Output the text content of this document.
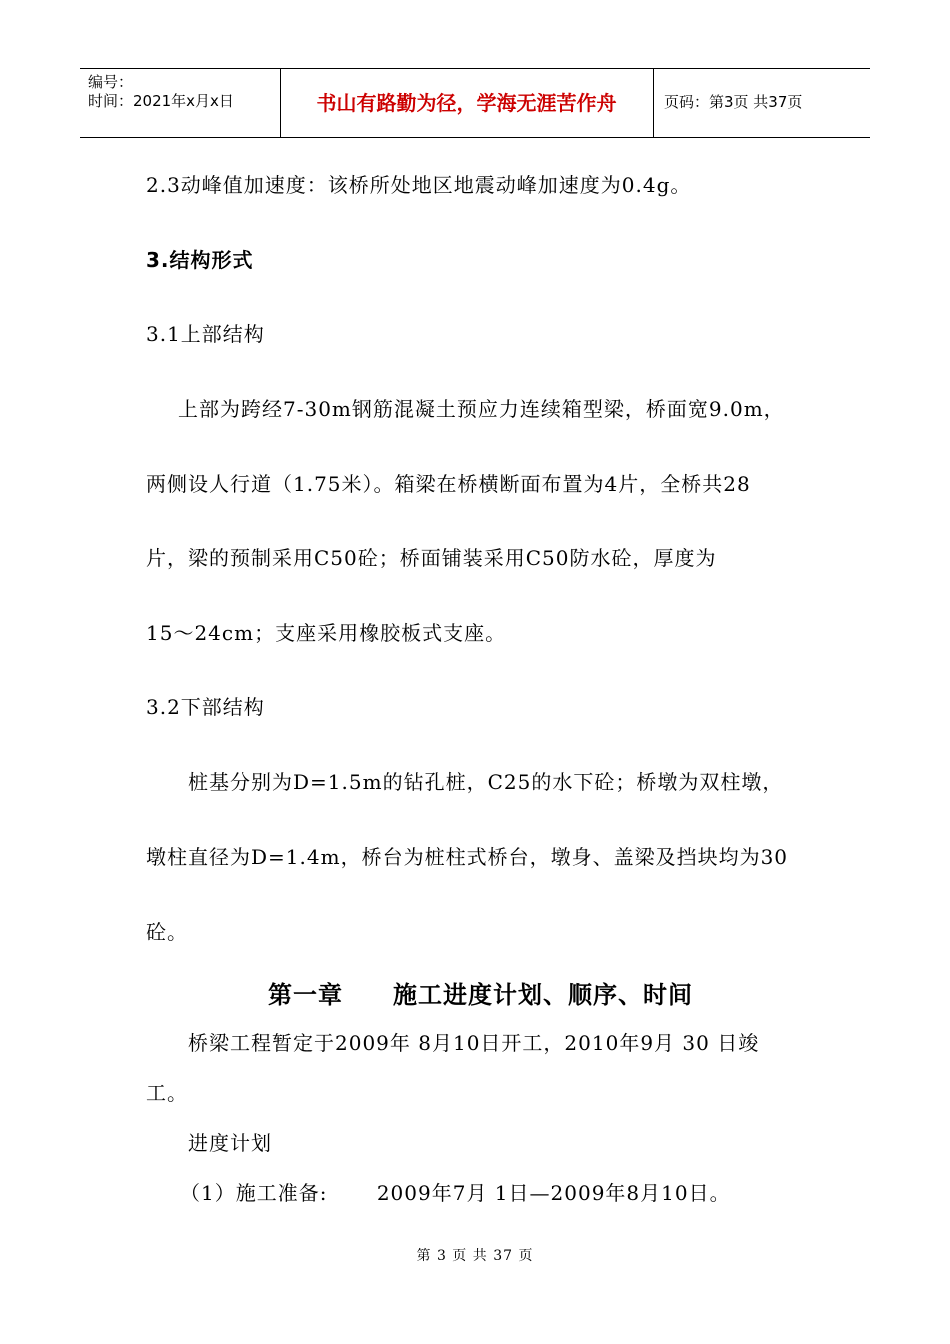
编号：
时间：2021年x月x日	书山有路勤为径，学海无涯苦作舟	页码：第3页 共37页
2.3动峰值加速度：该桥所处地区地震动峰加速度为0.4g。
3.结构形式
3.1上部结构
上部为跨经7-30m钢筋混凝土预应力连续箱型梁，桥面宽9.0m，
两侧设人行道（1.75米）。箱梁在桥横断面布置为4片，全桥共28
片，梁的预制采用C50砼；桥面铺装采用C50防水砼，厚度为
15～24cm；支座采用橡胶板式支座。
3.2下部结构
桩基分别为D=1.5m的钻孔桩，C25的水下砼；桥墩为双柱墩，
墩柱直径为D=1.4m，桥台为桩柱式桥台，墩身、盖梁及挡块均为30
砼。
第一章　　施工进度计划、顺序、时间
桥梁工程暂定于2009年 8月10日开工，2010年9月 30 日竣
工。
进度计划
（1）施工准备:　　 2009年7月 1日—2009年8月10日。
第 3 页 共 37 页
